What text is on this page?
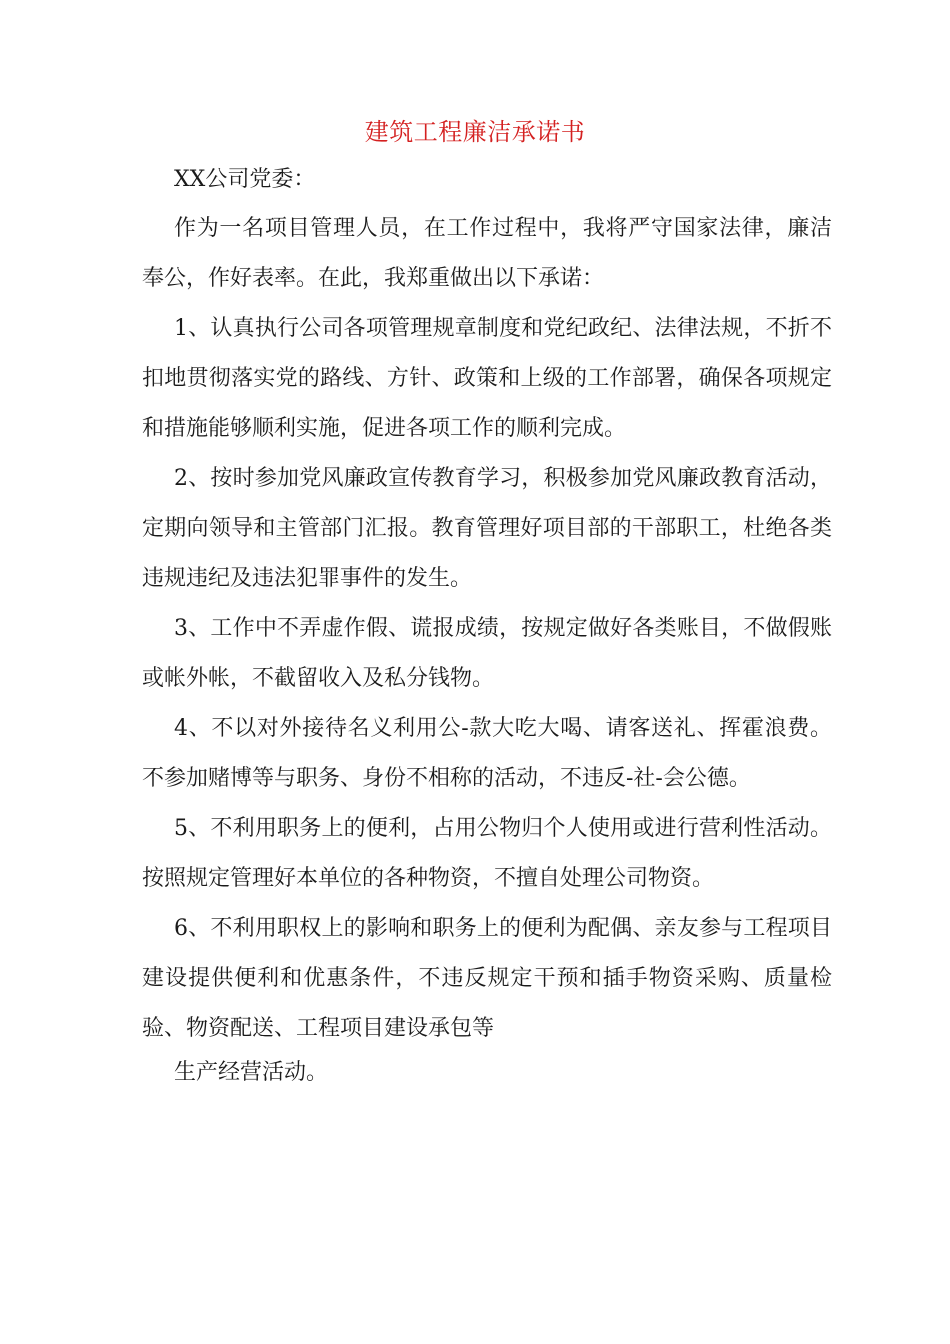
建筑工程廉洁承诺书
XX公司党委：

作为一名项目管理人员，在工作过程中，我将严守国家法律，廉洁奉公，作好表率。在此，我郑重做出以下承诺：

1、认真执行公司各项管理规章制度和党纪政纪、法律法规，不折不扣地贯彻落实党的路线、方针、政策和上级的工作部署，确保各项规定和措施能够顺利实施，促进各项工作的顺利完成。

2、按时参加党风廉政宣传教育学习，积极参加党风廉政教育活动，定期向领导和主管部门汇报。教育管理好项目部的干部职工，杜绝各类违规违纪及违法犯罪事件的发生。

3、工作中不弄虚作假、谎报成绩，按规定做好各类账目，不做假账或帐外帐，不截留收入及私分钱物。

4、不以对外接待名义利用公-款大吃大喝、请客送礼、挥霍浪费。不参加赌博等与职务、身份不相称的活动，不违反-社-会公德。

5、不利用职务上的便利，占用公物归个人使用或进行营利性活动。按照规定管理好本单位的各种物资，不擅自处理公司物资。

6、不利用职权上的影响和职务上的便利为配偶、亲友参与工程项目建设提供便利和优惠条件，不违反规定干预和插手物资采购、质量检验、物资配送、工程项目建设承包等

生产经营活动。
